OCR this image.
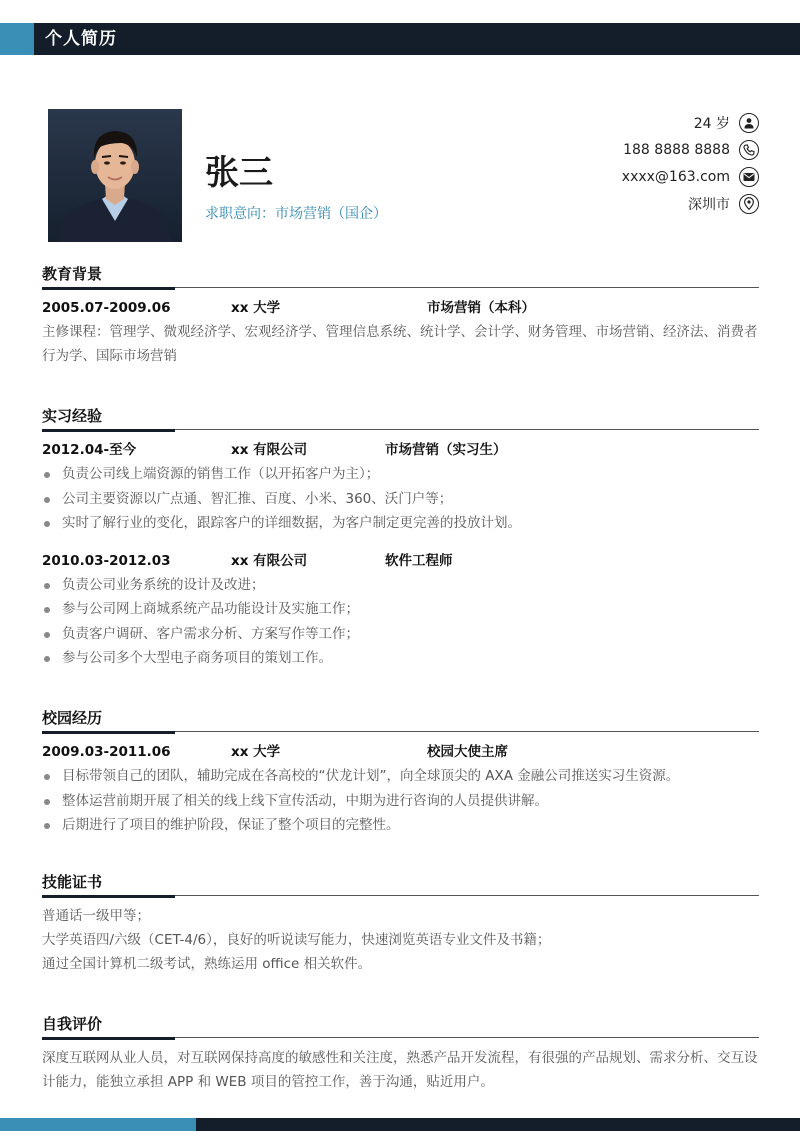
个人简历
张三
求职意向：市场营销（国企）
24 岁
188 8888 8888
xxxx@163.com
深圳市
教育背景
2005.07-2009.06	xx 大学	市场营销（本科）
主修课程：管理学、微观经济学、宏观经济学、管理信息系统、统计学、会计学、财务管理、市场营销、经济法、消费者行为学、国际市场营销
实习经验
2012.04-至今	xx 有限公司	市场营销（实习生）
负责公司线上端资源的销售工作（以开拓客户为主）；
公司主要资源以广点通、智汇推、百度、小米、360、沃门户等；
实时了解行业的变化，跟踪客户的详细数据，为客户制定更完善的投放计划。
2010.03-2012.03	xx 有限公司	软件工程师
负责公司业务系统的设计及改进；
参与公司网上商城系统产品功能设计及实施工作；
负责客户调研、客户需求分析、方案写作等工作；
参与公司多个大型电子商务项目的策划工作。
校园经历
2009.03-2011.06	xx 大学	校园大使主席
目标带领自己的团队，辅助完成在各高校的“伏龙计划”，向全球顶尖的 AXA 金融公司推送实习生资源。
整体运营前期开展了相关的线上线下宣传活动，中期为进行咨询的人员提供讲解。
后期进行了项目的维护阶段，保证了整个项目的完整性。
技能证书
普通话一级甲等；
大学英语四/六级（CET-4/6），良好的听说读写能力，快速浏览英语专业文件及书籍；
通过全国计算机二级考试，熟练运用 office 相关软件。
自我评价
深度互联网从业人员，对互联网保持高度的敏感性和关注度，熟悉产品开发流程，有很强的产品规划、需求分析、交互设计能力，能独立承担 APP 和 WEB 项目的管控工作，善于沟通，贴近用户。
